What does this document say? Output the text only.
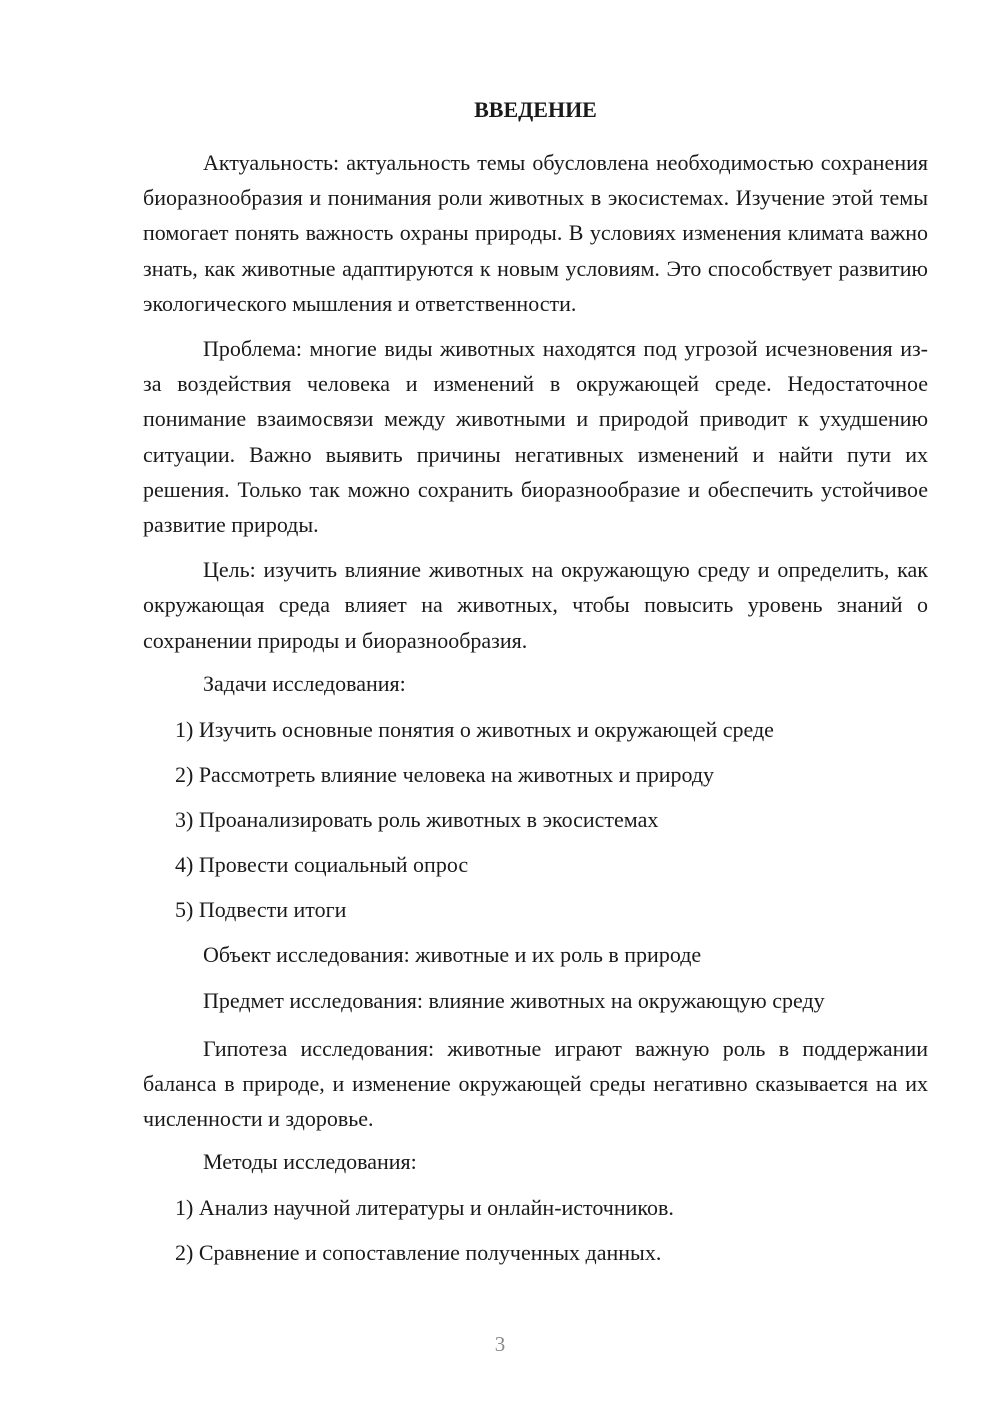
ВВЕДЕНИЕ

Актуальность: актуальность темы обусловлена необходимостью сохранения биоразнообразия и понимания роли животных в экосистемах. Изучение этой темы помогает понять важность охраны природы. В условиях изменения климата важно знать, как животные адаптируются к новым условиям. Это способствует развитию экологического мышления и ответственности.

Проблема: многие виды животных находятся под угрозой исчезновения из-за воздействия человека и изменений в окружающей среде. Недостаточное понимание взаимосвязи между животными и природой приводит к ухудшению ситуации. Важно выявить причины негативных изменений и найти пути их решения. Только так можно сохранить биоразнообразие и обеспечить устойчивое развитие природы.

Цель: изучить влияние животных на окружающую среду и определить, как окружающая среда влияет на животных, чтобы повысить уровень знаний о сохранении природы и биоразнообразия.

Задачи исследования:

1) Изучить основные понятия о животных и окружающей среде
2) Рассмотреть влияние человека на животных и природу
3) Проанализировать роль животных в экосистемах
4) Провести социальный опрос
5) Подвести итоги

Объект исследования: животные и их роль в природе

Предмет исследования: влияние животных на окружающую среду

Гипотеза исследования: животные играют важную роль в поддержании баланса в природе, и изменение окружающей среды негативно сказывается на их численности и здоровье.

Методы исследования:

1) Анализ научной литературы и онлайн-источников.
2) Сравнение и сопоставление полученных данных.
3
